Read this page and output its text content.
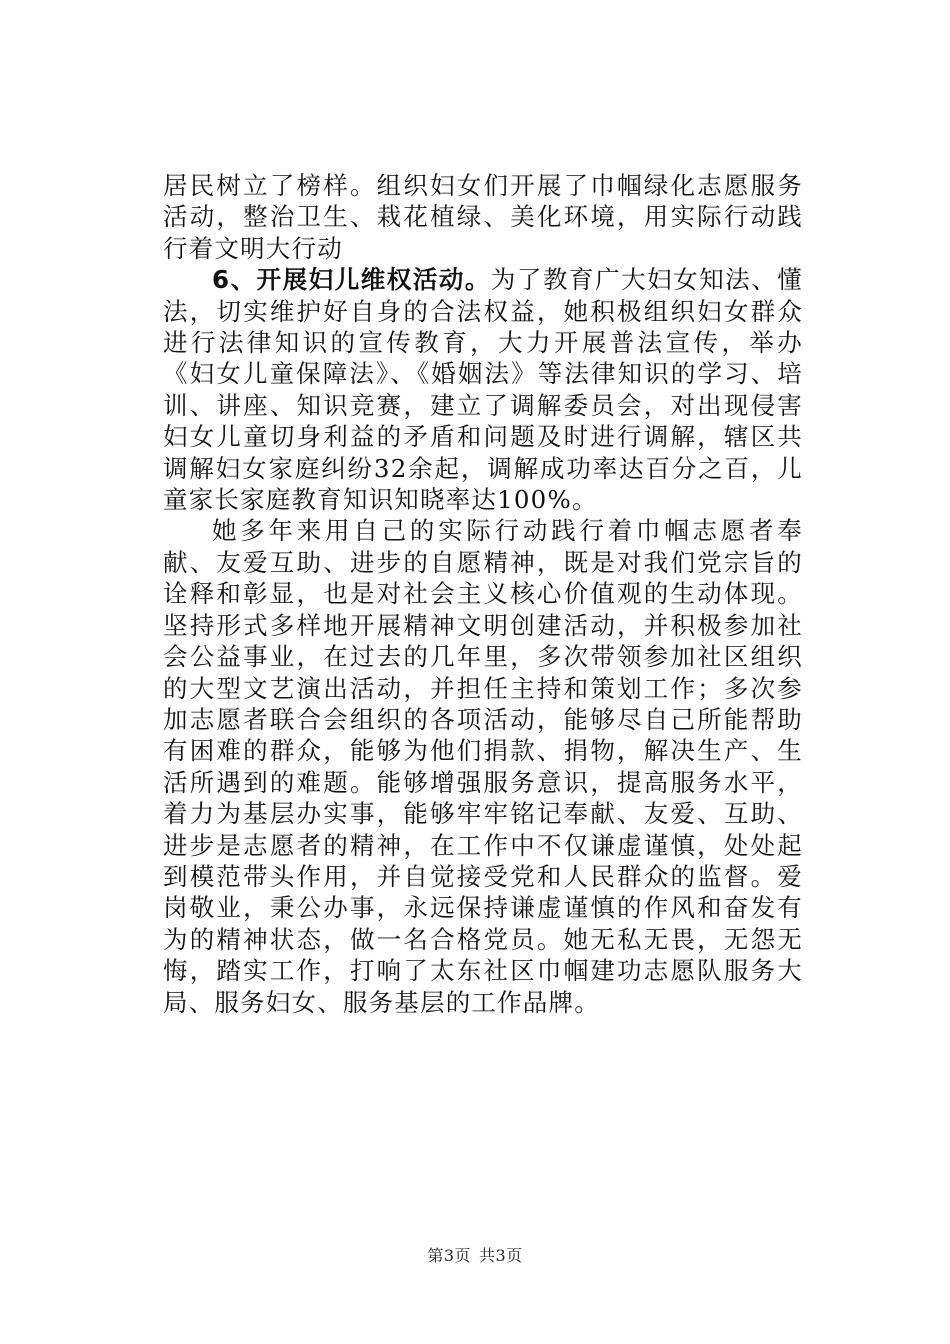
居民树立了榜样。组织妇女们开展了巾帼绿化志愿服务活动，整治卫生、栽花植绿、美化环境，用实际行动践行着文明大行动

6、开展妇儿维权活动。为了教育广大妇女知法、懂法，切实维护好自身的合法权益，她积极组织妇女群众进行法律知识的宣传教育，大力开展普法宣传，举办《妇女儿童保障法》、《婚姻法》等法律知识的学习、培训、讲座、知识竞赛，建立了调解委员会，对出现侵害妇女儿童切身利益的矛盾和问题及时进行调解，辖区共调解妇女家庭纠纷32余起，调解成功率达百分之百，儿童家长家庭教育知识知晓率达100%。

她多年来用自己的实际行动践行着巾帼志愿者奉献、友爱互助、进步的自愿精神，既是对我们党宗旨的诠释和彰显，也是对社会主义核心价值观的生动体现。坚持形式多样地开展精神文明创建活动，并积极参加社会公益事业，在过去的几年里，多次带领参加社区组织的大型文艺演出活动，并担任主持和策划工作；多次参加志愿者联合会组织的各项活动，能够尽自己所能帮助有困难的群众，能够为他们捐款、捐物，解决生产、生活所遇到的难题。能够增强服务意识，提高服务水平，着力为基层办实事，能够牢牢铭记奉献、友爱、互助、进步是志愿者的精神，在工作中不仅谦虚谨慎，处处起到模范带头作用，并自觉接受党和人民群众的监督。爱岗敬业，秉公办事，永远保持谦虚谨慎的作风和奋发有为的精神状态，做一名合格党员。她无私无畏，无怨无悔，踏实工作，打响了太东社区巾帼建功志愿队服务大局、服务妇女、服务基层的工作品牌。

第3页 共3页
